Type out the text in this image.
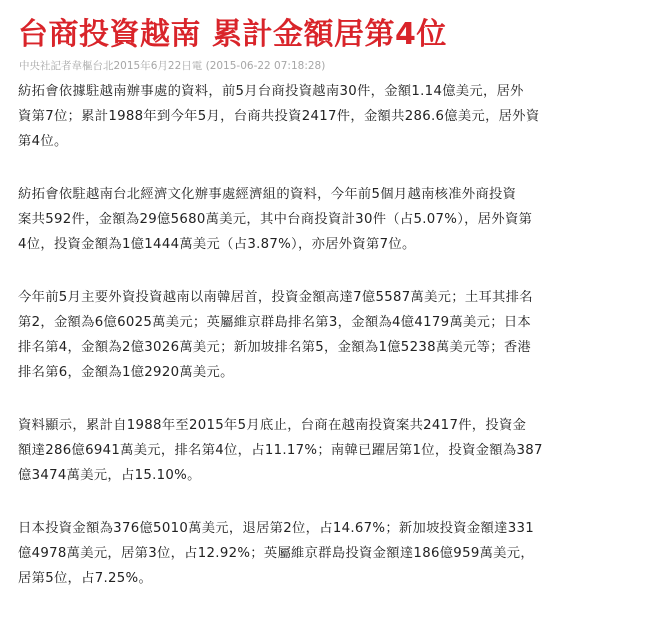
台商投資越南 累計金額居第4位
中央社記者韋樞台北2015年6月22日電 (2015-06-22 07:18:28)

紡拓會依據駐越南辦事處的資料，前5月台商投資越南30件，金額1.14億美元，居外
資第7位；累計1988年到今年5月，台商共投資2417件，金額共286.6億美元，居外資
第4位。

紡拓會依駐越南台北經濟文化辦事處經濟組的資料，今年前5個月越南核准外商投資
案共592件，金額為29億5680萬美元，其中台商投資計30件（占5.07%），居外資第
4位，投資金額為1億1444萬美元（占3.87%），亦居外資第7位。

今年前5月主要外資投資越南以南韓居首，投資金額高達7億5587萬美元；土耳其排名
第2，金額為6億6025萬美元；英屬維京群島排名第3，金額為4億4179萬美元；日本
排名第4，金額為2億3026萬美元；新加坡排名第5，金額為1億5238萬美元等；香港
排名第6，金額為1億2920萬美元。

資料顯示，累計自1988年至2015年5月底止，台商在越南投資案共2417件，投資金
額達286億6941萬美元，排名第4位，占11.17%；南韓已躍居第1位，投資金額為387
億3474萬美元，占15.10%。

日本投資金額為376億5010萬美元，退居第2位，占14.67%；新加坡投資金額達331
億4978萬美元，居第3位，占12.92%；英屬維京群島投資金額達186億959萬美元，
居第5位，占7.25%。
